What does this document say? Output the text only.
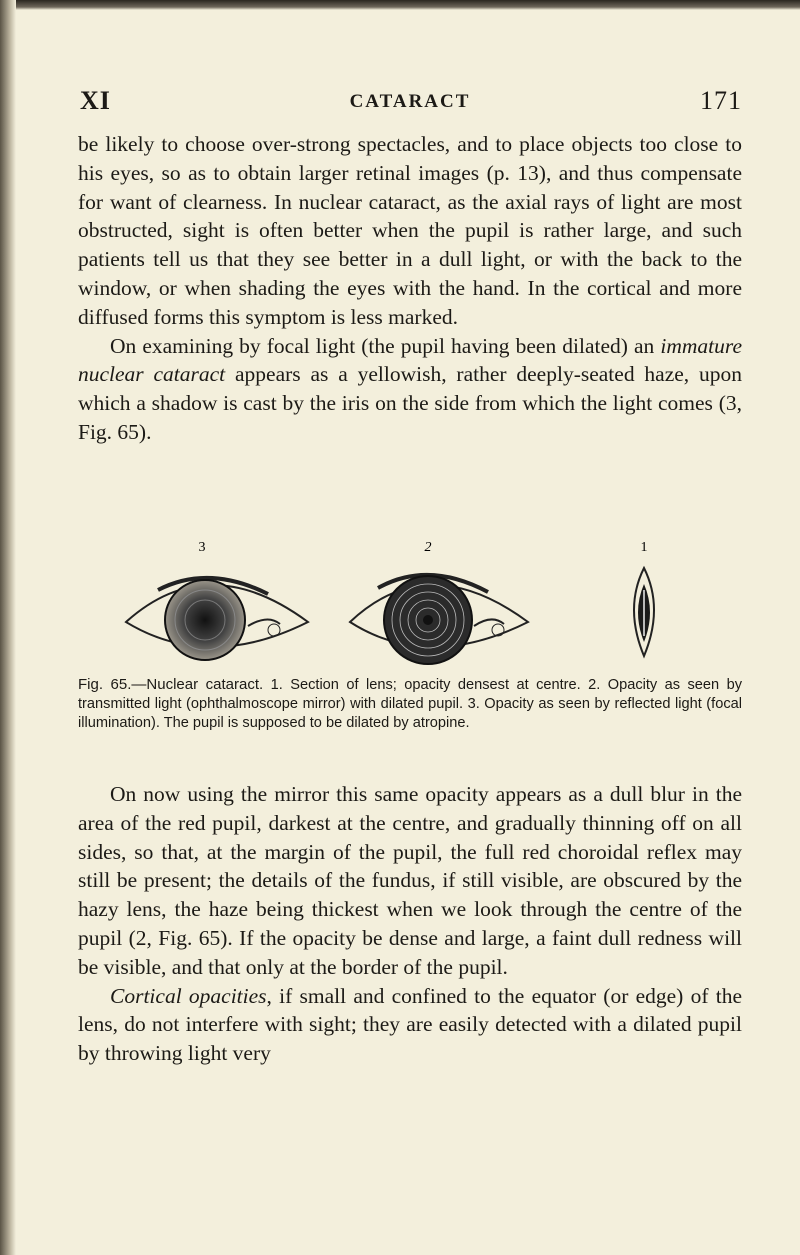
XI	CATARACT	171

be likely to choose over-strong spectacles, and to place objects too close to his eyes, so as to obtain larger retinal images (p. 13), and thus compensate for want of clearness. In nuclear cataract, as the axial rays of light are most obstructed, sight is often better when the pupil is rather large, and such patients tell us that they see better in a dull light, or with the back to the window, or when shading the eyes with the hand. In the cortical and more diffused forms this symptom is less marked.

On examining by focal light (the pupil having been dilated) an immature nuclear cataract appears as a yellowish, rather deeply-seated haze, upon which a shadow is cast by the iris on the side from which the light comes (3, Fig. 65).

3	2	1
Fig. 65.—Nuclear cataract. 1. Section of lens; opacity densest at centre. 2. Opacity as seen by transmitted light (ophthalmoscope mirror) with dilated pupil. 3. Opacity as seen by reflected light (focal illumination). The pupil is supposed to be dilated by atropine.

On now using the mirror this same opacity appears as a dull blur in the area of the red pupil, darkest at the centre, and gradually thinning off on all sides, so that, at the margin of the pupil, the full red choroidal reflex may still be present; the details of the fundus, if still visible, are obscured by the hazy lens, the haze being thickest when we look through the centre of the pupil (2, Fig. 65). If the opacity be dense and large, a faint dull redness will be visible, and that only at the border of the pupil.

Cortical opacities, if small and confined to the equator (or edge) of the lens, do not interfere with sight; they are easily detected with a dilated pupil by throwing light very
